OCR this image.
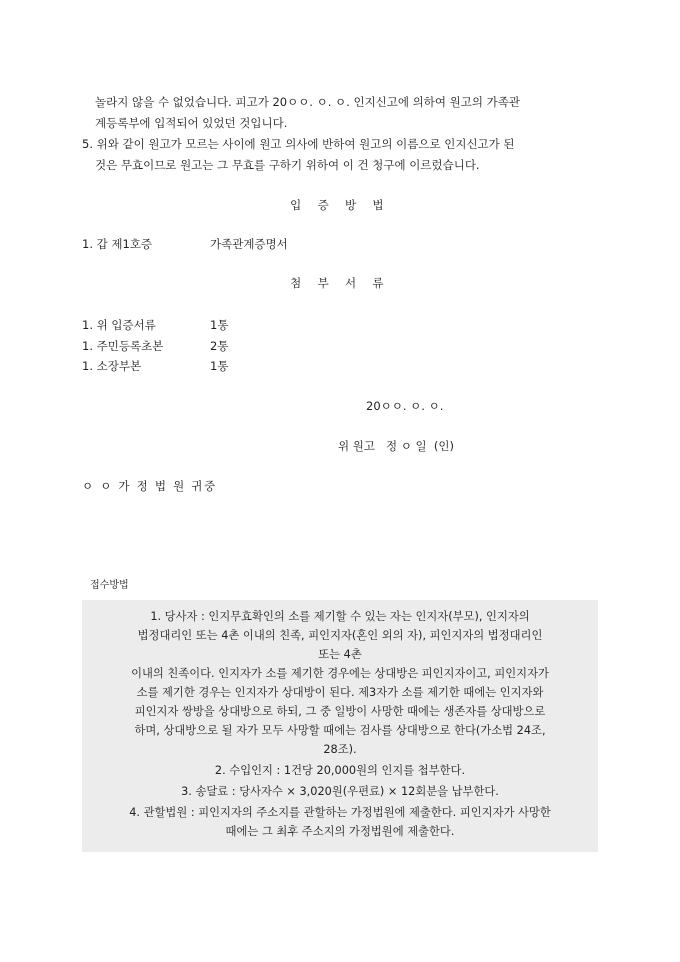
놀라지 않을 수 없었습니다. 피고가 20ㅇㅇ. ㅇ. ㅇ. 인지신고에 의하여 원고의 가족관
계등록부에 입적되어 있었던 것입니다.
5. 위와 같이 원고가 모르는 사이에 원고 의사에 반하여 원고의 이름으로 인지신고가 된
것은 무효이므로 원고는 그 무효를 구하기 위하여 이 건 청구에 이르렀습니다.
입 증 방 법
1. 갑 제1호증	가족관계증명서
첨 부 서 류
1. 위 입증서류	1통
1. 주민등록초본	2통
1. 소장부본	1통
20ㅇㅇ. ㅇ. ㅇ.
위 원고   정 ㅇ 일  (인)
ㅇ ㅇ 가 정 법 원 귀중
접수방법
1. 당사자 : 인지무효확인의 소를 제기할 수 있는 자는 인지자(부모), 인지자의
법정대리인 또는 4촌 이내의 친족, 피인지자(혼인 외의 자), 피인지자의 법정대리인
또는 4촌
이내의 친족이다. 인지자가 소를 제기한 경우에는 상대방은 피인지자이고, 피인지자가
소를 제기한 경우는 인지자가 상대방이 된다. 제3자가 소를 제기한 때에는 인지자와
피인지자 쌍방을 상대방으로 하되, 그 중 일방이 사망한 때에는 생존자를 상대방으로
하며, 상대방으로 될 자가 모두 사망할 때에는 검사를 상대방으로 한다(가소법 24조,
28조).
2. 수입인지 : 1건당 20,000원의 인지를 첩부한다.
3. 송달료 : 당사자수 × 3,020원(우편료) × 12회분을 납부한다.
4. 관할법원 : 피인지자의 주소지를 관할하는 가정법원에 제출한다. 피인지자가 사망한
때에는 그 최후 주소지의 가정법원에 제출한다.
